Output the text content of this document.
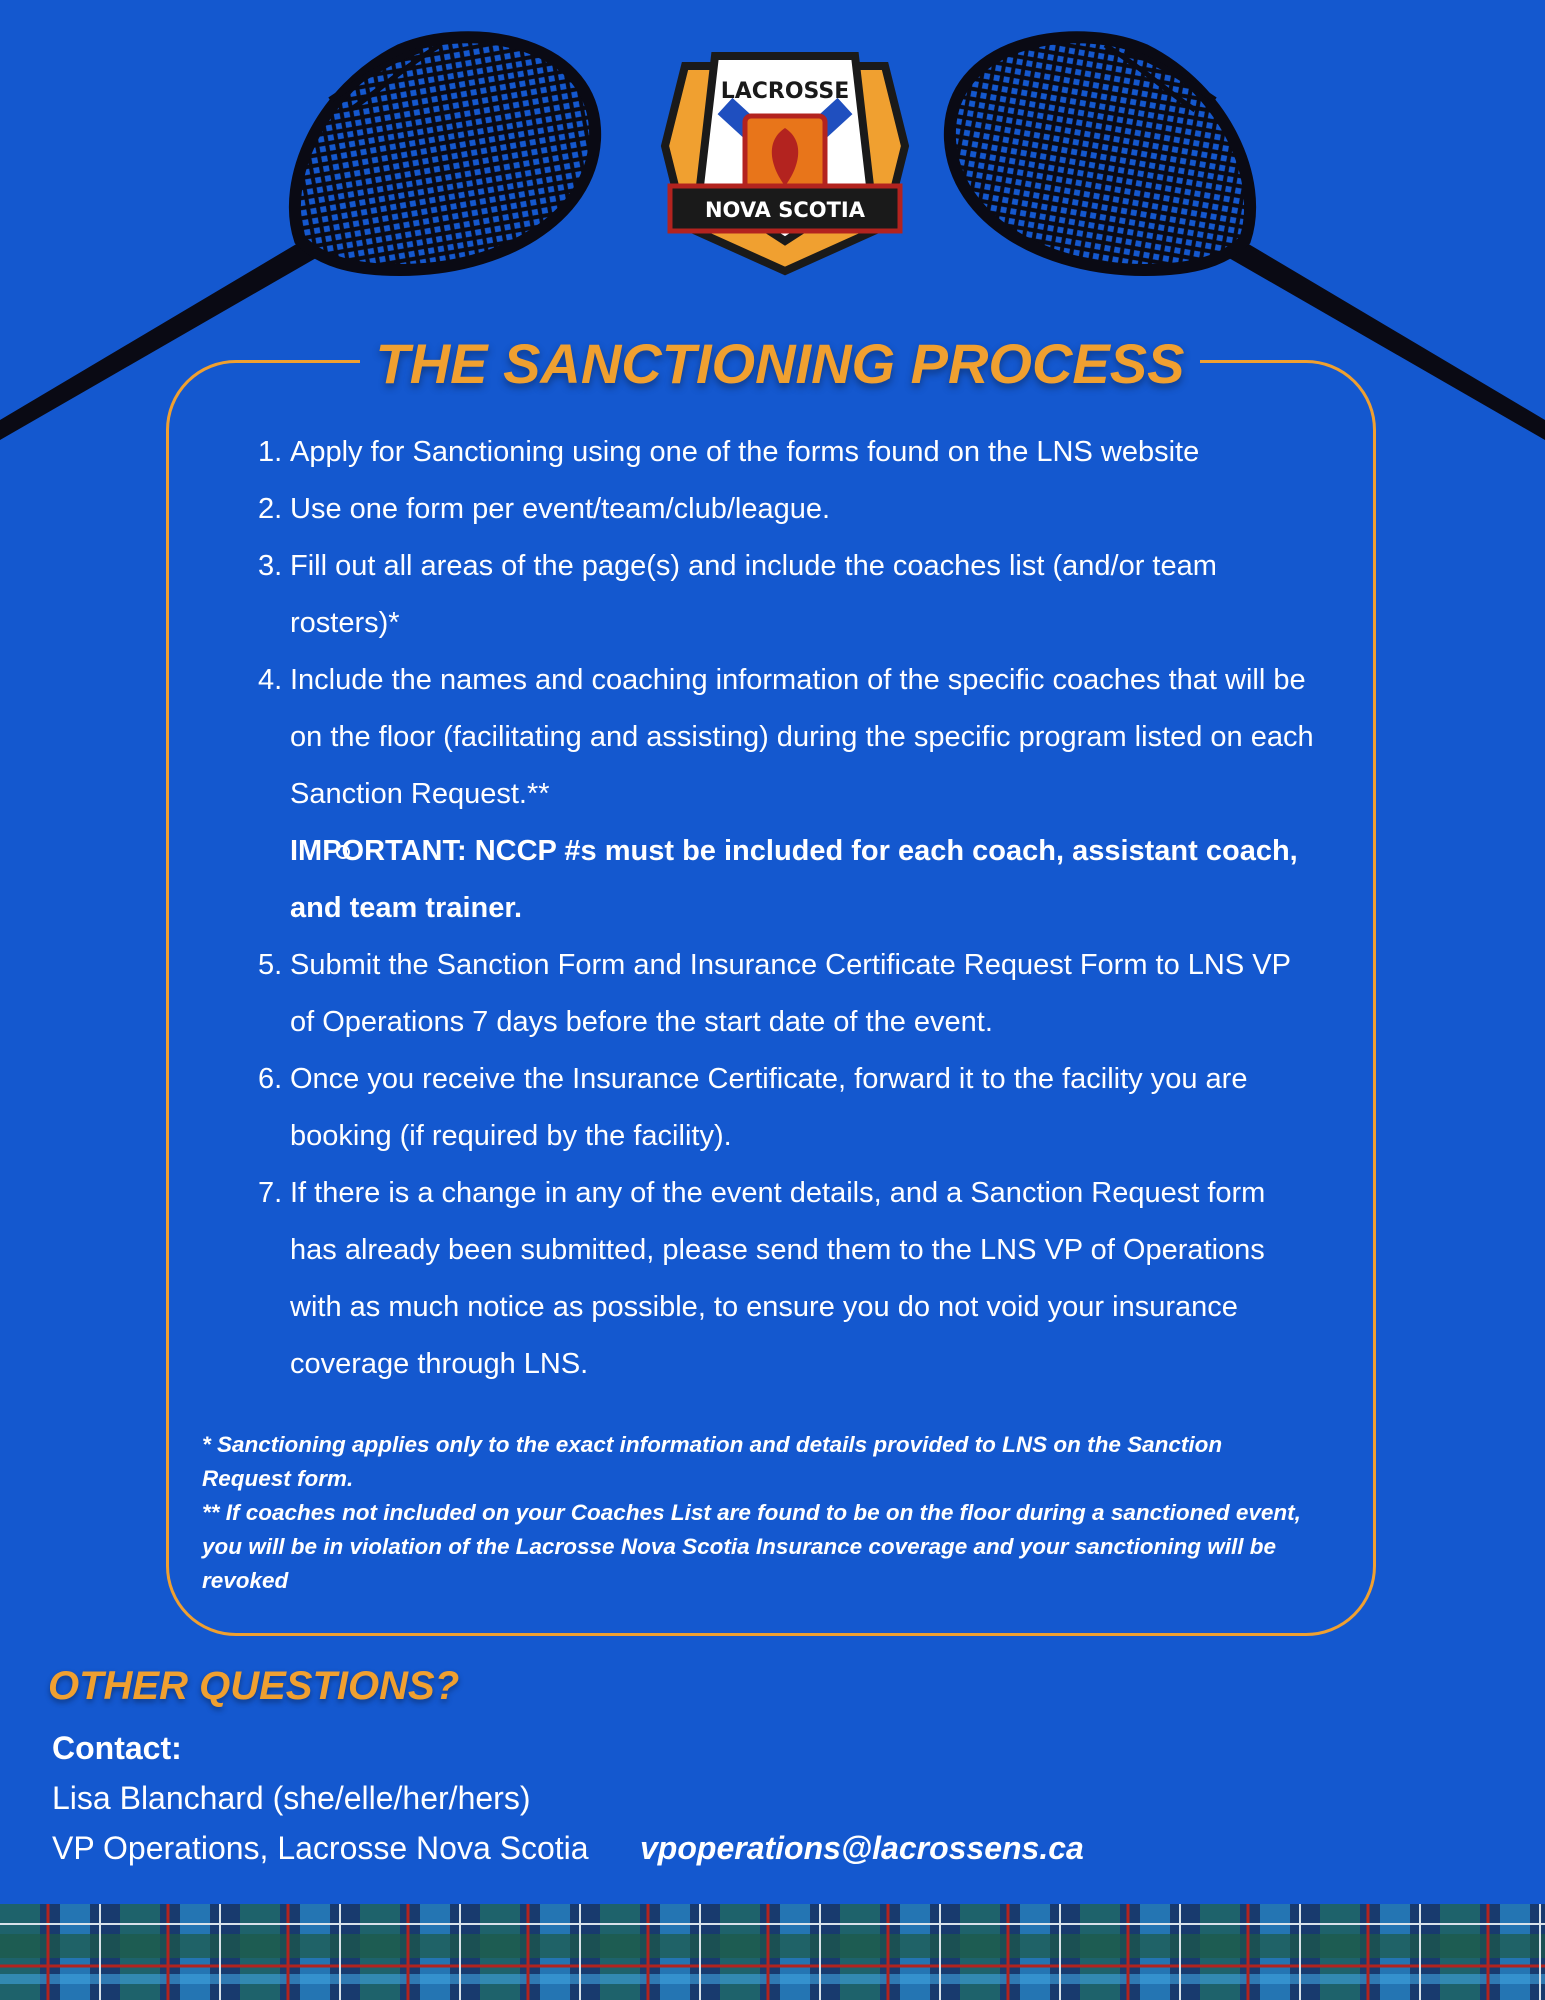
LACROSSE
NOVA SCOTIA
THE SANCTIONING PROCESS
1. Apply for Sanctioning using one of the forms found on the LNS website
2. Use one form per event/team/club/league.
3. Fill out all areas of the page(s) and include the coaches list (and/or team rosters)*
4. Include the names and coaching information of the specific coaches that will be on the floor (facilitating and assisting) during the specific program listed on each Sanction Request.**
IMPORTANT: NCCP #s must be included for each coach, assistant coach, and team trainer.
5. Submit the Sanction Form and Insurance Certificate Request Form to LNS VP of Operations 7 days before the start date of the event.
6. Once you receive the Insurance Certificate, forward it to the facility you are booking (if required by the facility).
7. If there is a change in any of the event details, and a Sanction Request form has already been submitted, please send them to the LNS VP of Operations with as much notice as possible, to ensure you do not void your insurance coverage through LNS.

* Sanctioning applies only to the exact information and details provided to LNS on the Sanction Request form.

** If coaches not included on your Coaches List are found to be on the floor during a sanctioned event, you will be in violation of the Lacrosse Nova Scotia Insurance coverage and your sanctioning will be revoked

OTHER QUESTIONS?
Contact:
Lisa Blanchard (she/elle/her/hers)
VP Operations, Lacrosse Nova Scotia vpoperations@lacrossens.ca
